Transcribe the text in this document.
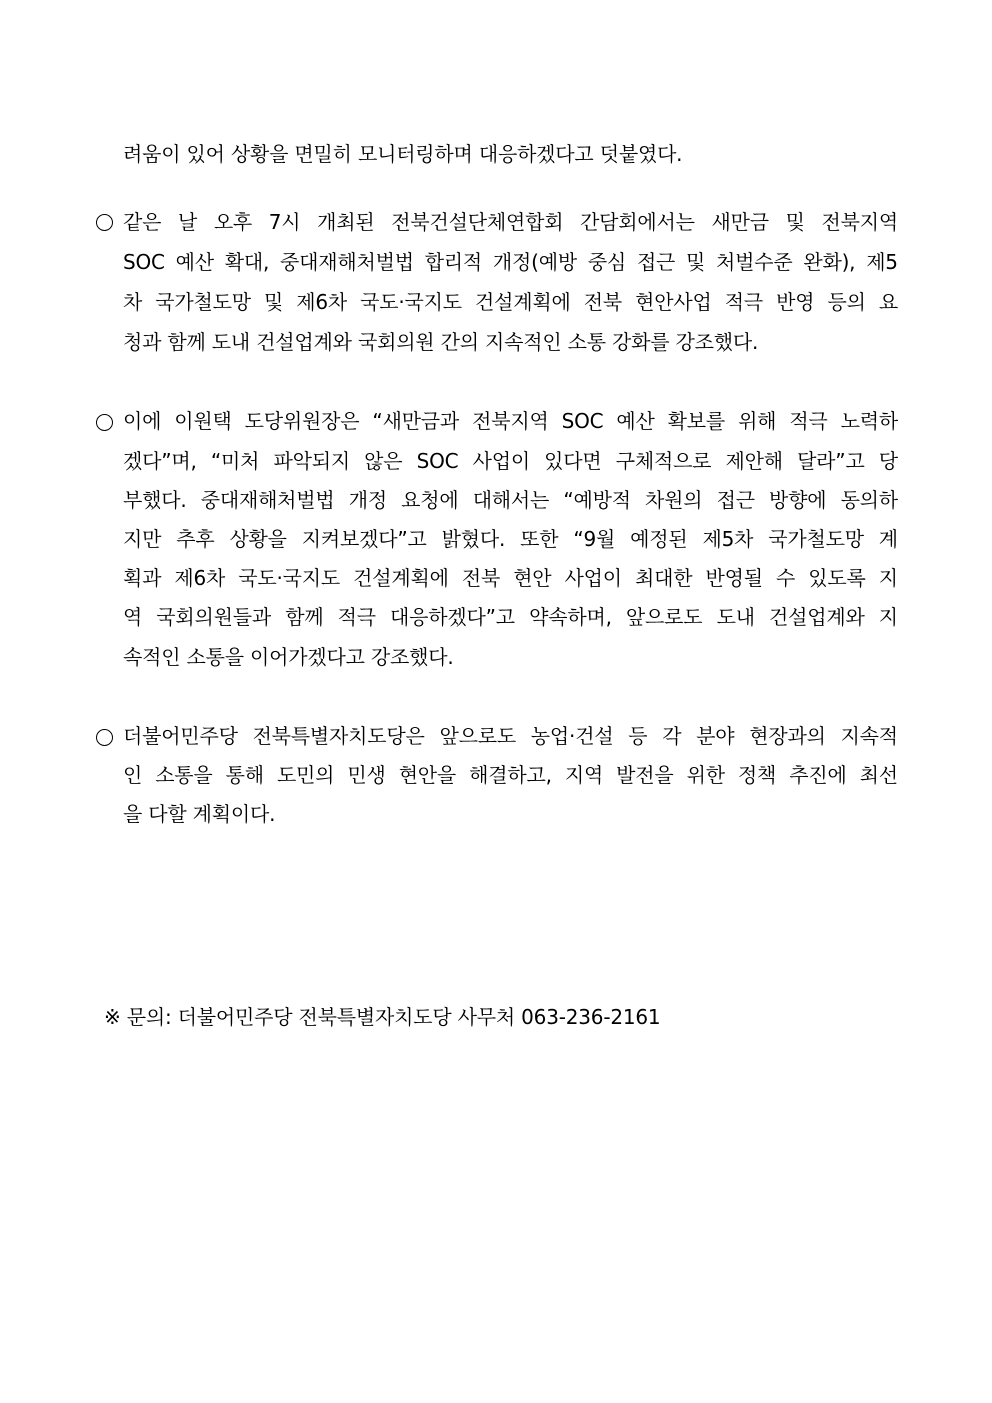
려움이 있어 상황을 면밀히 모니터링하며 대응하겠다고 덧붙였다.
같은 날 오후 7시 개최된 전북건설단체연합회 간담회에서는 새만금 및 전북지역
SOC 예산 확대, 중대재해처벌법 합리적 개정(예방 중심 접근 및 처벌수준 완화), 제5
차 국가철도망 및 제6차 국도·국지도 건설계획에 전북 현안사업 적극 반영 등의 요
청과 함께 도내 건설업계와 국회의원 간의 지속적인 소통 강화를 강조했다.
이에 이원택 도당위원장은 “새만금과 전북지역 SOC 예산 확보를 위해 적극 노력하
겠다”며, “미처 파악되지 않은 SOC 사업이 있다면 구체적으로 제안해 달라”고 당
부했다. 중대재해처벌법 개정 요청에 대해서는 “예방적 차원의 접근 방향에 동의하
지만 추후 상황을 지켜보겠다”고 밝혔다. 또한 “9월 예정된 제5차 국가철도망 계
획과 제6차 국도·국지도 건설계획에 전북 현안 사업이 최대한 반영될 수 있도록 지
역 국회의원들과 함께 적극 대응하겠다”고 약속하며, 앞으로도 도내 건설업계와 지
속적인 소통을 이어가겠다고 강조했다.
더불어민주당 전북특별자치도당은 앞으로도 농업·건설 등 각 분야 현장과의 지속적
인 소통을 통해 도민의 민생 현안을 해결하고, 지역 발전을 위한 정책 추진에 최선
을 다할 계획이다.
※ 문의: 더불어민주당 전북특별자치도당 사무처 063-236-2161
